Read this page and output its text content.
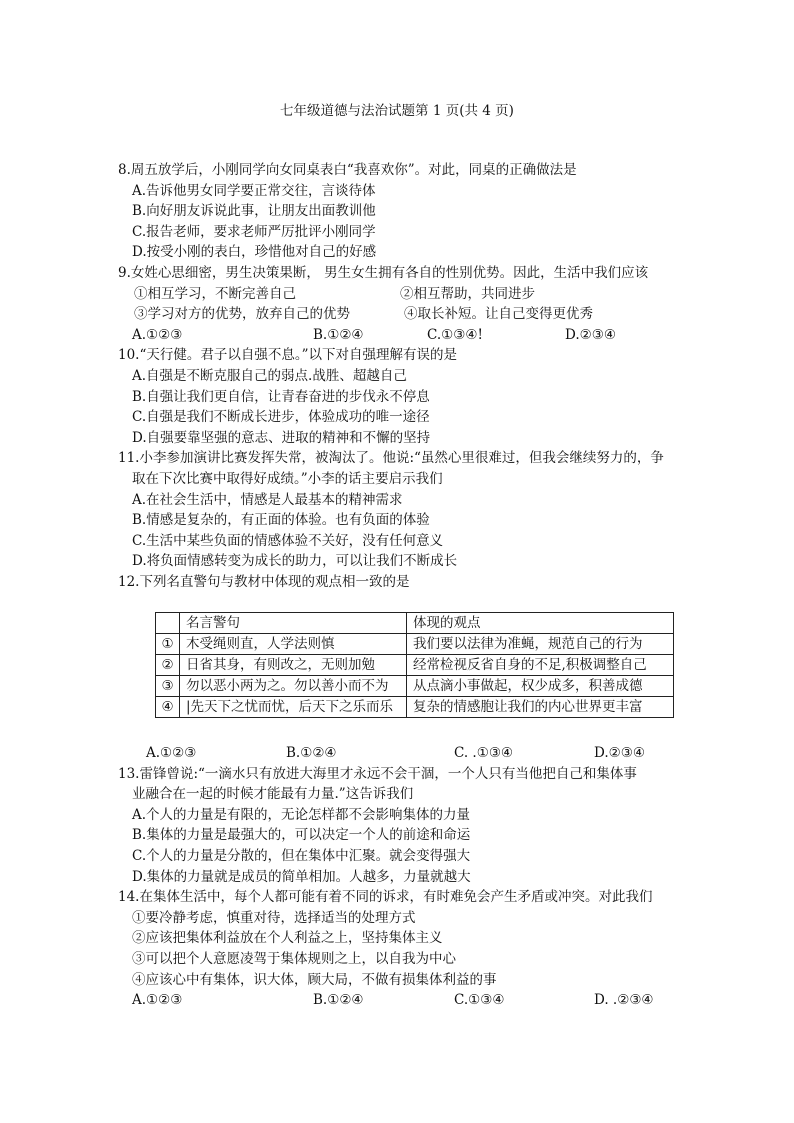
七年级道德与法治试题第 1 页(共 4 页)
8.周五放学后，小刚同学向女同桌表白“我喜欢你”。对此，同桌的正确做法是
A.告诉他男女同学要正常交往，言谈待体
B.向好朋友诉说此事，让朋友出面教训他
C.报告老师，要求老师严厉批评小刚同学
D.按受小刚的表白，珍惜他对自己的好感
9.女姓心思细密，男生决策果断， 男生女生拥有各自的性别优势。因此，生活中我们应该
①相互学习，不断完善自己	②相互帮助，共同进步
③学习对方的优势，放弃自己的优势	④取长补短。让自己变得更优秀
A.①②③	B.①②④	C.①③④!	D.②③④
10.“天行健。君子以自强不息。”以下对自强理解有误的是
A.自强是不断克服自己的弱点.战胜、超越自己
B.自强让我们更自信，让青春奋进的步伐永不停息
C.自强是我们不断成长进步，体验成功的唯一途径
D.自强要靠坚强的意志、进取的精神和不懈的坚持
11.小李参加演讲比赛发挥失常，被淘汰了。他说:“虽然心里很难过，但我会继续努力的，争
取在下次比赛中取得好成绩。”小李的话主要启示我们
A.在社会生活中，情感是人最基本的精神需求
B.情感是复杂的，有正面的体验。也有负面的体验
C.生活中某些负面的情感体验不关好，没有任何意义
D.将负面情感转变为成长的助力，可以让我们不断成长
12.下列名直警句与教材中体现的观点相一致的是
	名言警句	体现的观点
①	木受绳则直，人学法则慎	我们要以法律为准蝇，规范自己的行为
②	日省其身，有则改之，无则加勉	经常检视反省自身的不足,积极调整自己
③	勿以恶小两为之。勿以善小而不为	从点滴小事做起，权少成多，积善成德
④	|先天下之忧而忧，后天下之乐而乐	复杂的情感胞让我们的内心世界更丰富
A.①②③	B.①②④	C. .①③④	D.②③④
13.雷锋曾说:“一滴水只有放进大海里才永远不会干涸，一个人只有当他把自己和集体事
业融合在一起的时候才能最有力量.”这告诉我们
A.个人的力量是有限的，无论怎样都不会影响集体的力量
B.集体的力量是最强大的，可以决定一个人的前途和命运
C.个人的力量是分散的，但在集体中汇聚。就会变得强大
D.集体的力量就是成员的简单相加。人越多，力量就越大
14.在集体生活中，每个人都可能有着不同的诉求，有时难免会产生矛盾或冲突。对此我们
①要冷静考虑，慎重对待，选择适当的处理方式
②应该把集体利益放在个人利益之上，坚持集体主义
③可以把个人意愿凌驾于集体规则之上，以自我为中心
④应该心中有集体，识大体，顾大局，不做有损集体利益的事
A.①②③	B.①②④	C.①③④	D. .②③④
